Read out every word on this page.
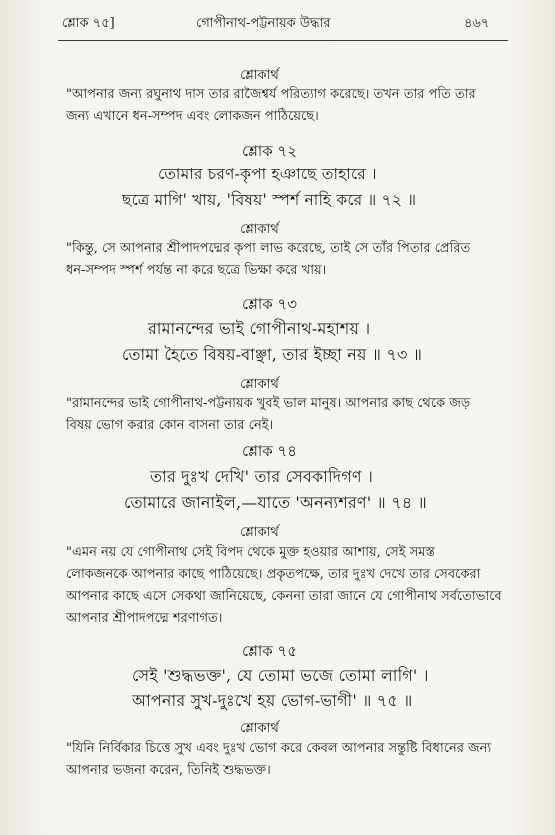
শ্লোক ৭৫]	গোপীনাথ-পট্টনায়ক উদ্ধার	৪৬৭
শ্লোকার্থ

"আপনার জন্য রঘুনাথ দাস তার রাজৈশ্বর্য পরিত্যাগ করেছে। তখন তার পতি তার

জন্য এখানে ধন-সম্পদ এবং লোকজন পাঠিয়েছে।

শ্লোক ৭২
তোমার চরণ-কৃপা হঞাছে তাহারে ।
ছত্রে মাগি' খায়, 'বিষয়' স্পর্শ নাহি করে ॥ ৭২ ॥
শ্লোকার্থ

"কিন্তু, সে আপনার শ্রীপাদপদ্মের কৃপা লাভ করেছে, তাই সে তাঁর পিতার প্রেরিত

ধন-সম্পদ স্পর্শ পর্যন্ত না করে ছত্রে ভিক্ষা করে খায়।

শ্লোক ৭৩
রামানন্দের ভাই গোপীনাথ-মহাশয় ।
তোমা হৈতে বিষয়-বাঞ্ছা, তার ইচ্ছা নয় ॥ ৭৩ ॥
শ্লোকার্থ

"রামানন্দের ভাই গোপীনাথ-পট্টনায়ক খুবই ভাল মানুষ। আপনার কাছ থেকে জড়

বিষয় ভোগ করার কোন বাসনা তার নেই।

শ্লোক ৭৪
তার দুঃখ দেখি' তার সেবকাদিগণ ।
তোমারে জানাইল,—যাতে 'অনন্যশরণ' ॥ ৭৪ ॥
শ্লোকার্থ

"এমন নয় যে গোপীনাথ সেই বিপদ থেকে মুক্ত হওয়ার আশায়, সেই সমস্ত

লোকজনকে আপনার কাছে পাঠিয়েছে। প্রকৃতপক্ষে, তার দুঃখ দেখে তার সেবকেরা

আপনার কাছে এসে সেকথা জানিয়েছে, কেননা তারা জানে যে গোপীনাথ সর্বতোভাবে

আপনার শ্রীপাদপদ্মে শরণাগত।

শ্লোক ৭৫
সেই 'শুদ্ধভক্ত', যে তোমা ভজে তোমা লাগি' ।
আপনার সুখ-দুঃখে হয় ভোগ-ভাগী' ॥ ৭৫ ॥
শ্লোকার্থ

"যিনি নির্বিকার চিত্তে সুখ এবং দুঃখ ভোগ করে কেবল আপনার সন্তুষ্টি বিধানের জন্য

আপনার ভজনা করেন, তিনিই শুদ্ধভক্ত।
